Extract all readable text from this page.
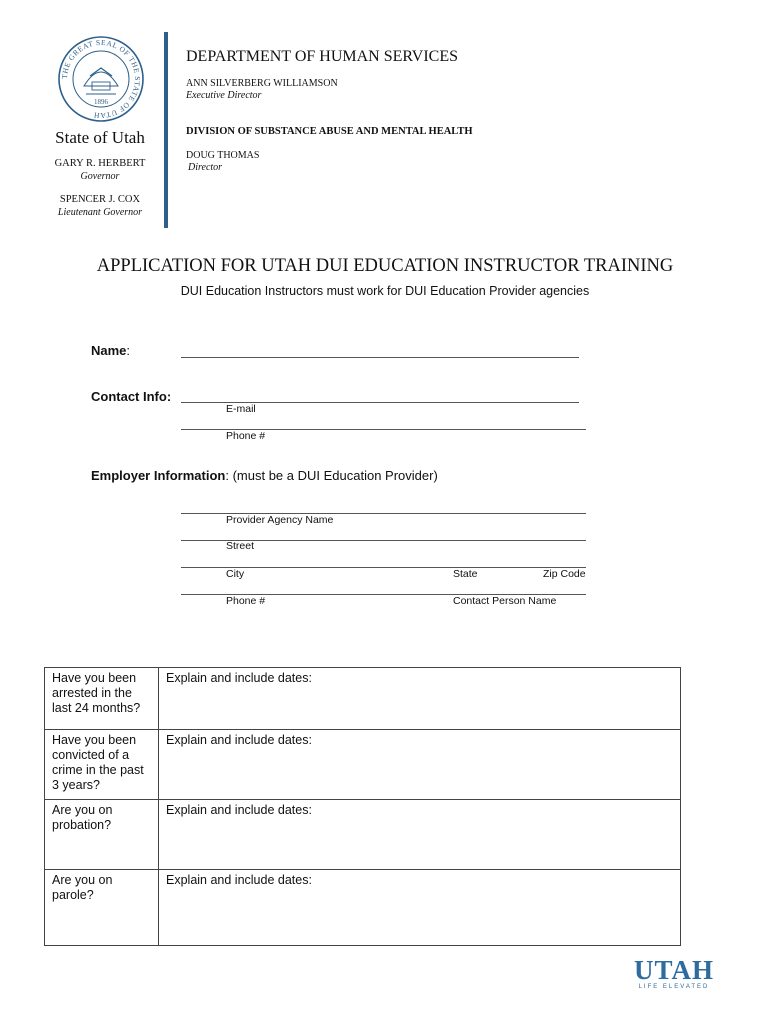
THE GREAT SEAL OF THE STATE OF UTAH
1896
State of Utah
GARY R. HERBERT
Governor
SPENCER J. COX
Lieutenant Governor
DEPARTMENT OF HUMAN SERVICES
ANN SILVERBERG WILLIAMSON
Executive Director
DIVISION OF SUBSTANCE ABUSE AND MENTAL HEALTH
DOUG THOMAS
Director
APPLICATION FOR UTAH DUI EDUCATION INSTRUCTOR TRAINING
DUI Education Instructors must work for DUI Education Provider agencies
Name:
Contact Info:
E-mail
Phone #
Employer Information: (must be a DUI Education Provider)
Provider Agency Name
Street
City	State	Zip Code
Phone #	Contact Person Name
Have you been arrested in the last 24 months?	Explain and include dates:
Have you been convicted of a crime in the past 3 years?	Explain and include dates:
Are you on probation?	Explain and include dates:
Are you on parole?	Explain and include dates:
UTAH
LIFE ELEVATED
